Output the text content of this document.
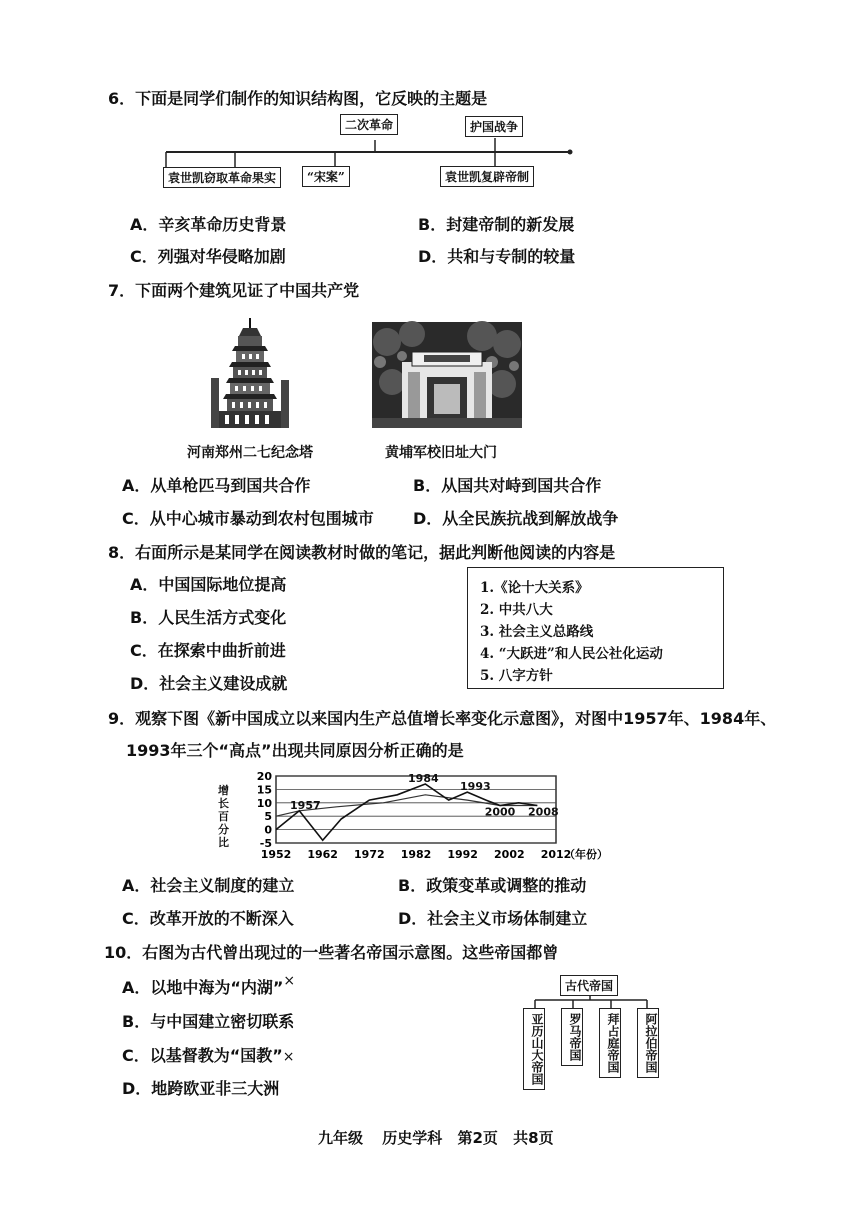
6．下面是同学们制作的知识结构图，它反映的主题是
二次革命	护国战争
袁世凯窃取革命果实	“宋案”	袁世凯复辟帝制
A．辛亥革命历史背景	B．封建帝制的新发展
C．列强对华侵略加剧	D．共和与专制的较量
7．下面两个建筑见证了中国共产党
河南郑州二七纪念塔	黄埔军校旧址大门
A．从单枪匹马到国共合作	B．从国共对峙到国共合作
C．从中心城市暴动到农村包围城市 D．从全民族抗战到解放战争
8．右面所示是某同学在阅读教材时做的笔记，据此判断他阅读的内容是
A．中国国际地位提高
B．人民生活方式变化
C．在探索中曲折前进
D．社会主义建设成就
1.《论十大关系》
2. 中共八大
3. 社会主义总路线
4. “大跃进”和人民公社化运动
5. 八字方针
9．观察下图《新中国成立以来国内生产总值增长率变化示意图》，对图中1957年、1984年、
1993年三个“高点”出现共同原因分析正确的是
增长百分比
20
15
10
5
0
-5
1952 1962 1972 1982 1992 2002 2012
（年份）
1957
1984
1993
2000 2008
A．社会主义制度的建立	B．政策变革或调整的推动
C．改革开放的不断深入	D．社会主义市场体制建立
10．右图为古代曾出现过的一些著名帝国示意图。这些帝国都曾
A．以地中海为“内湖”×
B．与中国建立密切联系
C．以基督教为“国教”×
D．地跨欧亚非三大洲
古代帝国
亚历山大帝国	罗马帝国	拜占庭帝国	阿拉伯帝国
九年级 历史学科 第2页 共8页
